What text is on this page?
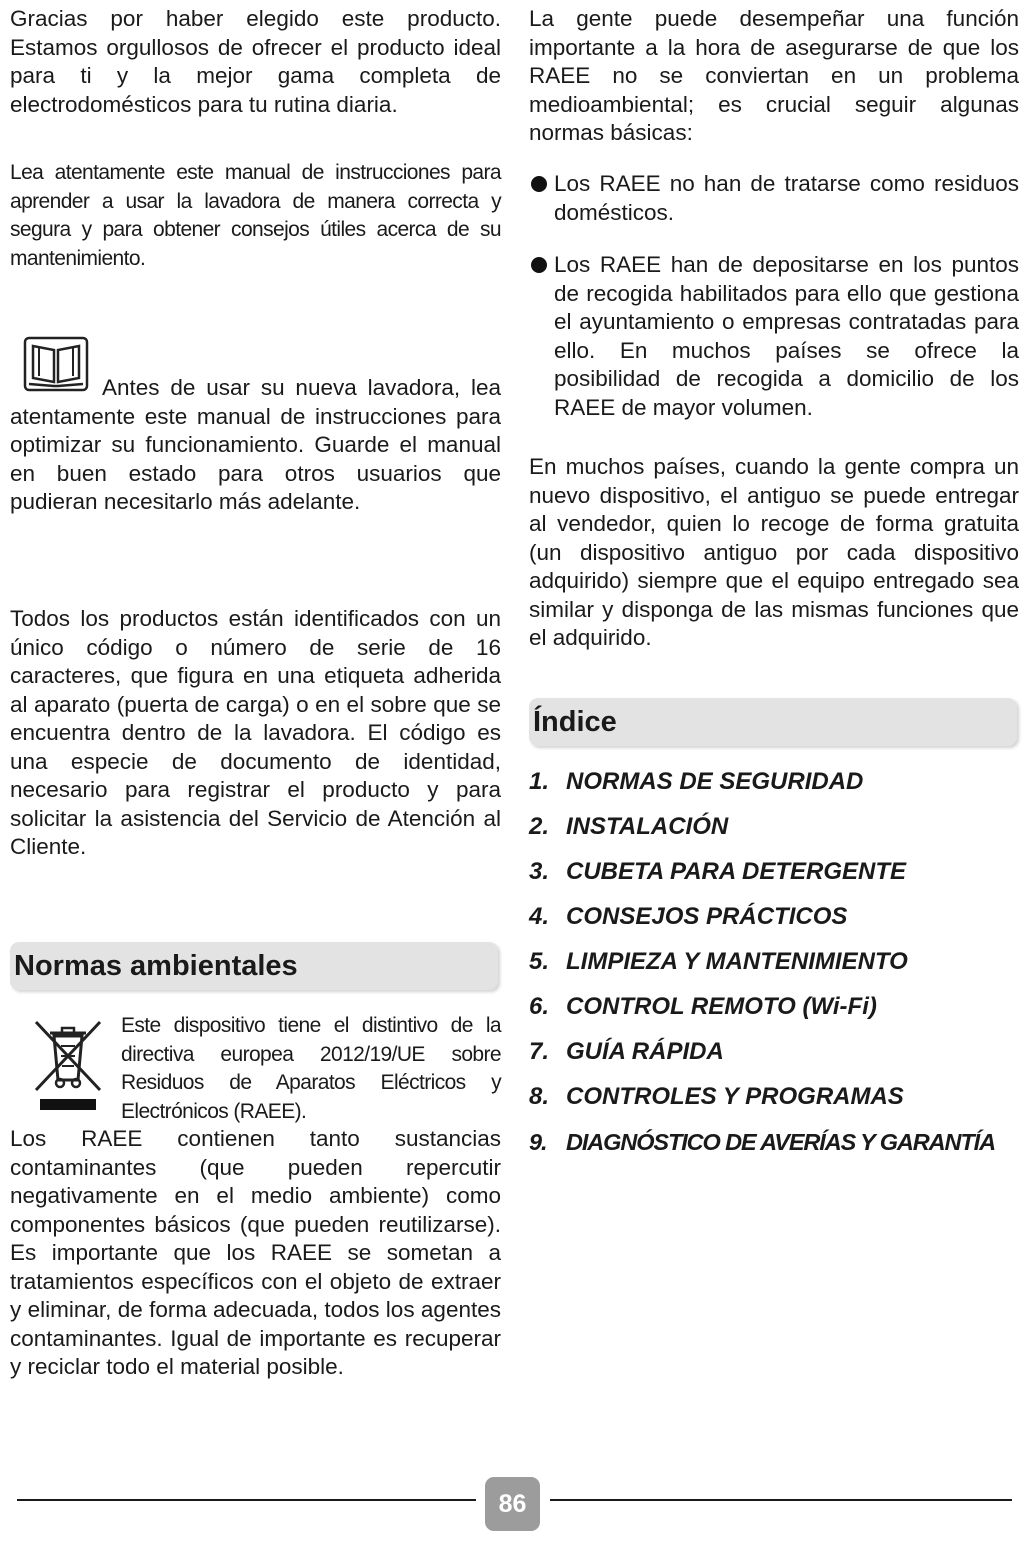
Gracias por haber elegido este producto. Estamos orgullosos de ofrecer el producto ideal para ti y la mejor gama completa de electrodomésticos para tu rutina diaria.

Lea atentamente este manual de instrucciones para aprender a usar la lavadora de manera correcta y segura y para obtener consejos útiles acerca de su mantenimiento.

Antes de usar su nueva lavadora, lea atentamente este manual de instrucciones para optimizar su funcionamiento. Guarde el manual en buen estado para otros usuarios que pudieran necesitarlo más adelante.

Todos los productos están identificados con un único código o número de serie de 16 caracteres, que figura en una etiqueta adherida al aparato (puerta de carga) o en el sobre que se encuentra dentro de la lavadora. El código es una especie de documento de identidad, necesario para registrar el producto y para solicitar la asistencia del Servicio de Atención al Cliente.

Normas ambientales

Este dispositivo tiene el distintivo de la directiva europea 2012/19/UE sobre Residuos de Aparatos Eléctricos y Electrónicos (RAEE).

Los RAEE contienen tanto sustancias contaminantes (que pueden repercutir negativamente en el medio ambiente) como componentes básicos (que pueden reutilizarse). Es importante que los RAEE se sometan a tratamientos específicos con el objeto de extraer y eliminar, de forma adecuada, todos los agentes contaminantes. Igual de importante es recuperar y reciclar todo el material posible.

La gente puede desempeñar una función importante a la hora de asegurarse de que los RAEE no se conviertan en un problema medioambiental; es crucial seguir algunas normas básicas:

Los RAEE no han de tratarse como residuos domésticos.

Los RAEE han de depositarse en los puntos de recogida habilitados para ello que gestiona el ayuntamiento o empresas contratadas para ello. En muchos países se ofrece la posibilidad de recogida a domicilio de los RAEE de mayor volumen.

En muchos países, cuando la gente compra un nuevo dispositivo, el antiguo se puede entregar al vendedor, quien lo recoge de forma gratuita (un dispositivo antiguo por cada dispositivo adquirido) siempre que el equipo entregado sea similar y disponga de las mismas funciones que el adquirido.

Índice
1. NORMAS DE SEGURIDAD
2. INSTALACIÓN
3. CUBETA PARA DETERGENTE
4. CONSEJOS PRÁCTICOS
5. LIMPIEZA Y MANTENIMIENTO
6. CONTROL REMOTO (Wi-Fi)
7. GUÍA RÁPIDA
8. CONTROLES Y PROGRAMAS
9. DIAGNÓSTICO DE AVERÍAS Y GARANTÍA
86
